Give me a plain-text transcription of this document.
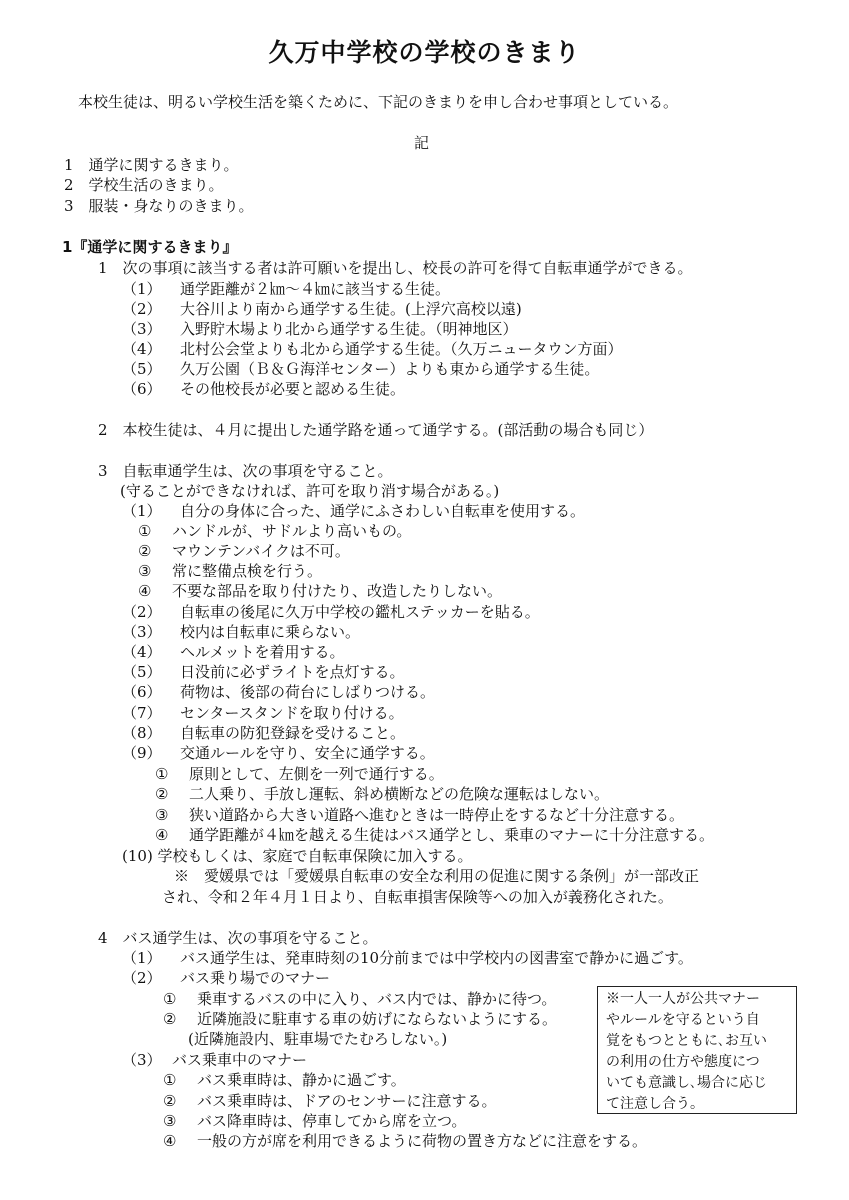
久万中学校の学校のきまり
本校生徒は、明るい学校生活を築くために、下記のきまりを申し合わせ事項としている。
記
1　通学に関するきまり。
2　学校生活のきまり。
3　服装・身なりのきまり。
1『通学に関するきまり』
1　次の事項に該当する者は許可願いを提出し、校長の許可を得て自転車通学ができる。
（1） 通学距離が２㎞～４㎞に該当する生徒。
（2） 大谷川より南から通学する生徒。(上浮穴高校以遠)
（3） 入野貯木場より北から通学する生徒。（明神地区）
（4） 北村公会堂よりも北から通学する生徒。（久万ニュータウン方面）
（5） 久万公園（Ｂ＆Ｇ海洋センター）よりも東から通学する生徒。
（6） その他校長が必要と認める生徒。
2　本校生徒は、４月に提出した通学路を通って通学する。(部活動の場合も同じ）
3　自転車通学生は、次の事項を守ること。
(守ることができなければ、許可を取り消す場合がある。)
（1） 自分の身体に合った、通学にふさわしい自転車を使用する。
① ハンドルが、サドルより高いもの。
② マウンテンバイクは不可。
③ 常に整備点検を行う。
④ 不要な部品を取り付けたり、改造したりしない。
（2） 自転車の後尾に久万中学校の鑑札ステッカーを貼る。
（3） 校内は自転車に乗らない。
（4） ヘルメットを着用する。
（5） 日没前に必ずライトを点灯する。
（6） 荷物は、後部の荷台にしばりつける。
（7） センタースタンドを取り付ける。
（8） 自転車の防犯登録を受けること。
（9） 交通ルールを守り、安全に通学する。
① 原則として、左側を一列で通行する。
② 二人乗り、手放し運転、斜め横断などの危険な運転はしない。
③ 狭い道路から大きい道路へ進むときは一時停止をするなど十分注意する。
④ 通学距離が４㎞を越える生徒はバス通学とし、乗車のマナーに十分注意する。
(10) 学校もしくは、家庭で自転車保険に加入する。
※　愛媛県では「愛媛県自転車の安全な利用の促進に関する条例」が一部改正
され、令和２年４月１日より、自転車損害保険等への加入が義務化された。
4　バス通学生は、次の事項を守ること。
（1） バス通学生は、発車時刻の10分前までは中学校内の図書室で静かに過ごす。
（2） バス乗り場でのマナー
① 乗車するバスの中に入り、バス内では、静かに待つ。
② 近隣施設に駐車する車の妨げにならないようにする。
(近隣施設内、駐車場でたむろしない。)
（3） バス乗車中のマナー
① バス乗車時は、静かに過ごす。
② バス乗車時は、ドアのセンサーに注意する。
③ バス降車時は、停車してから席を立つ。
④ 一般の方が席を利用できるように荷物の置き方などに注意をする。
※一人一人が公共マナー
やルールを守るという自
覚をもつとともに､お互い
の利用の仕方や態度につ
いても意識し､場合に応じ
て注意し合う。
